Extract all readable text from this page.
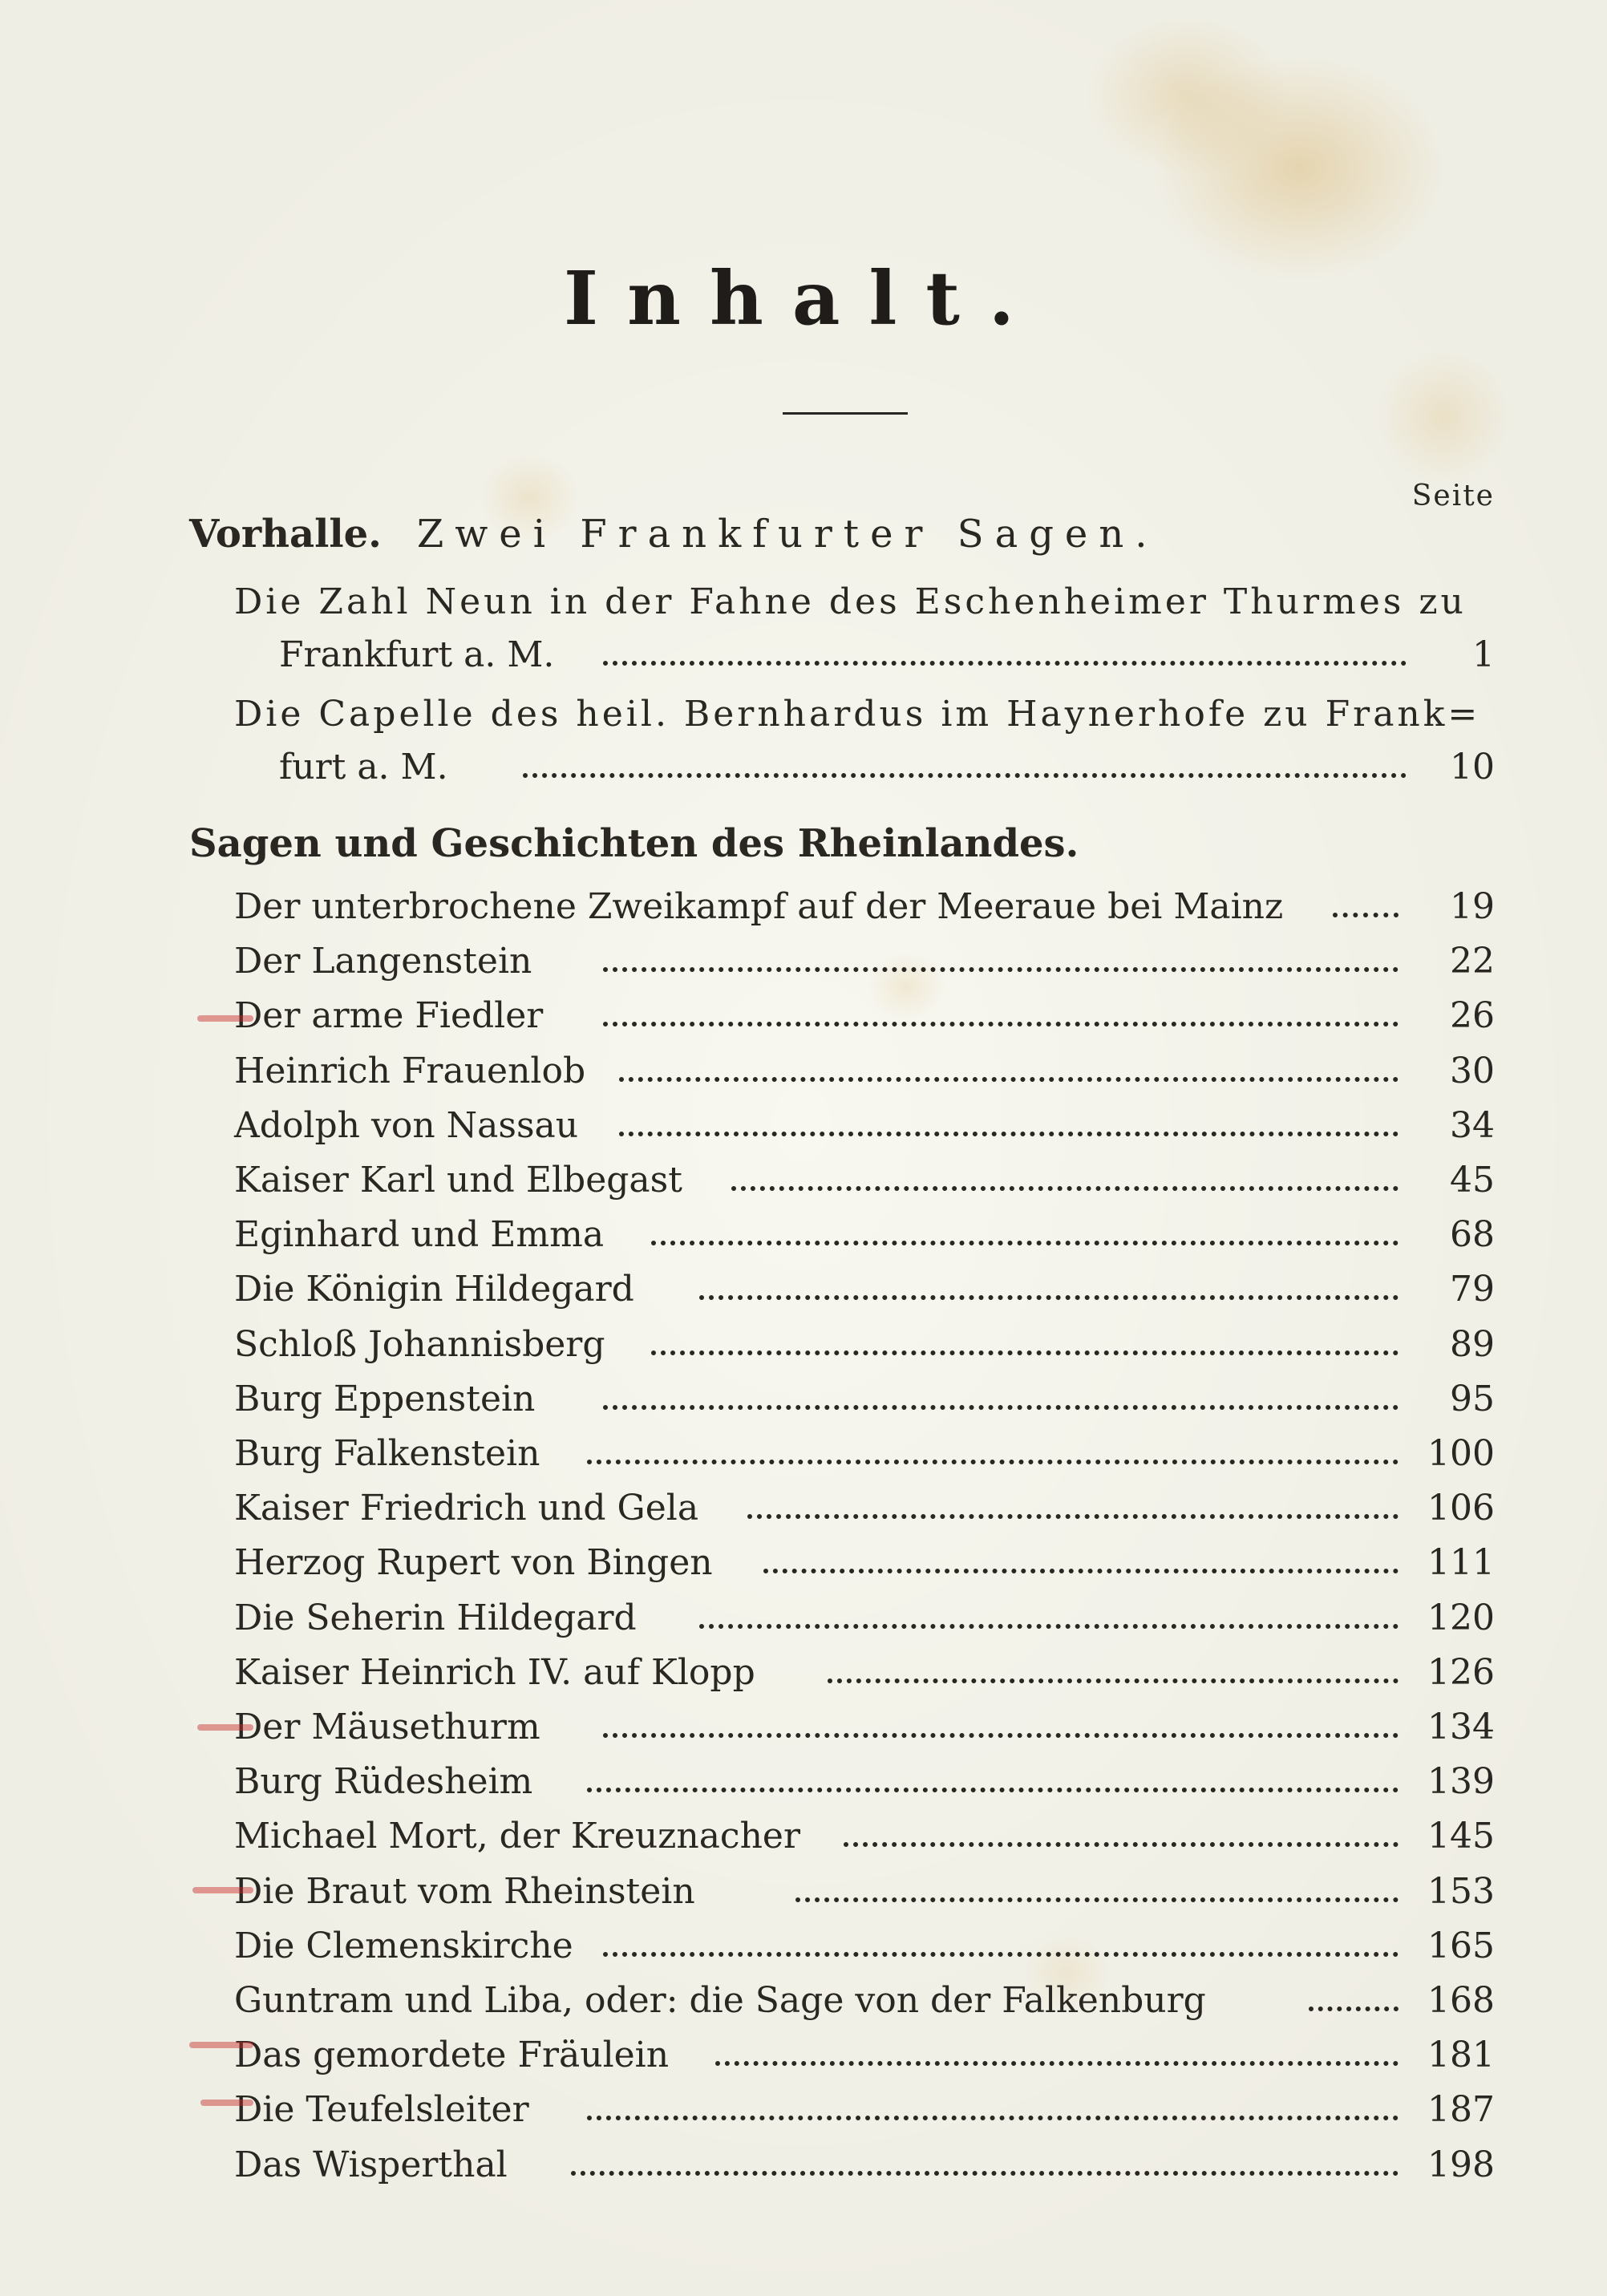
Inhalt.
Seite
Vorhalle. Zwei Frankfurter Sagen.
Die Zahl Neun in der Fahne des Eschenheimer Thurmes zu
Frankfurt a. M.	1
Die Capelle des heil. Bernhardus im Haynerhofe zu Frank=
furt a. M.	10
Sagen und Geschichten des Rheinlandes.
Der unterbrochene Zweikampf auf der Meeraue bei Mainz	19
Der Langenstein	22
Der arme Fiedler	26
Heinrich Frauenlob	30
Adolph von Nassau	34
Kaiser Karl und Elbegast	45
Eginhard und Emma	68
Die Königin Hildegard	79
Schloß Johannisberg	89
Burg Eppenstein	95
Burg Falkenstein	100
Kaiser Friedrich und Gela	106
Herzog Rupert von Bingen	111
Die Seherin Hildegard	120
Kaiser Heinrich IV. auf Klopp	126
Der Mäusethurm	134
Burg Rüdesheim	139
Michael Mort, der Kreuznacher	145
Die Braut vom Rheinstein	153
Die Clemenskirche	165
Guntram und Liba, oder: die Sage von der Falkenburg	168
Das gemordete Fräulein	181
Die Teufelsleiter	187
Das Wisperthal	198
